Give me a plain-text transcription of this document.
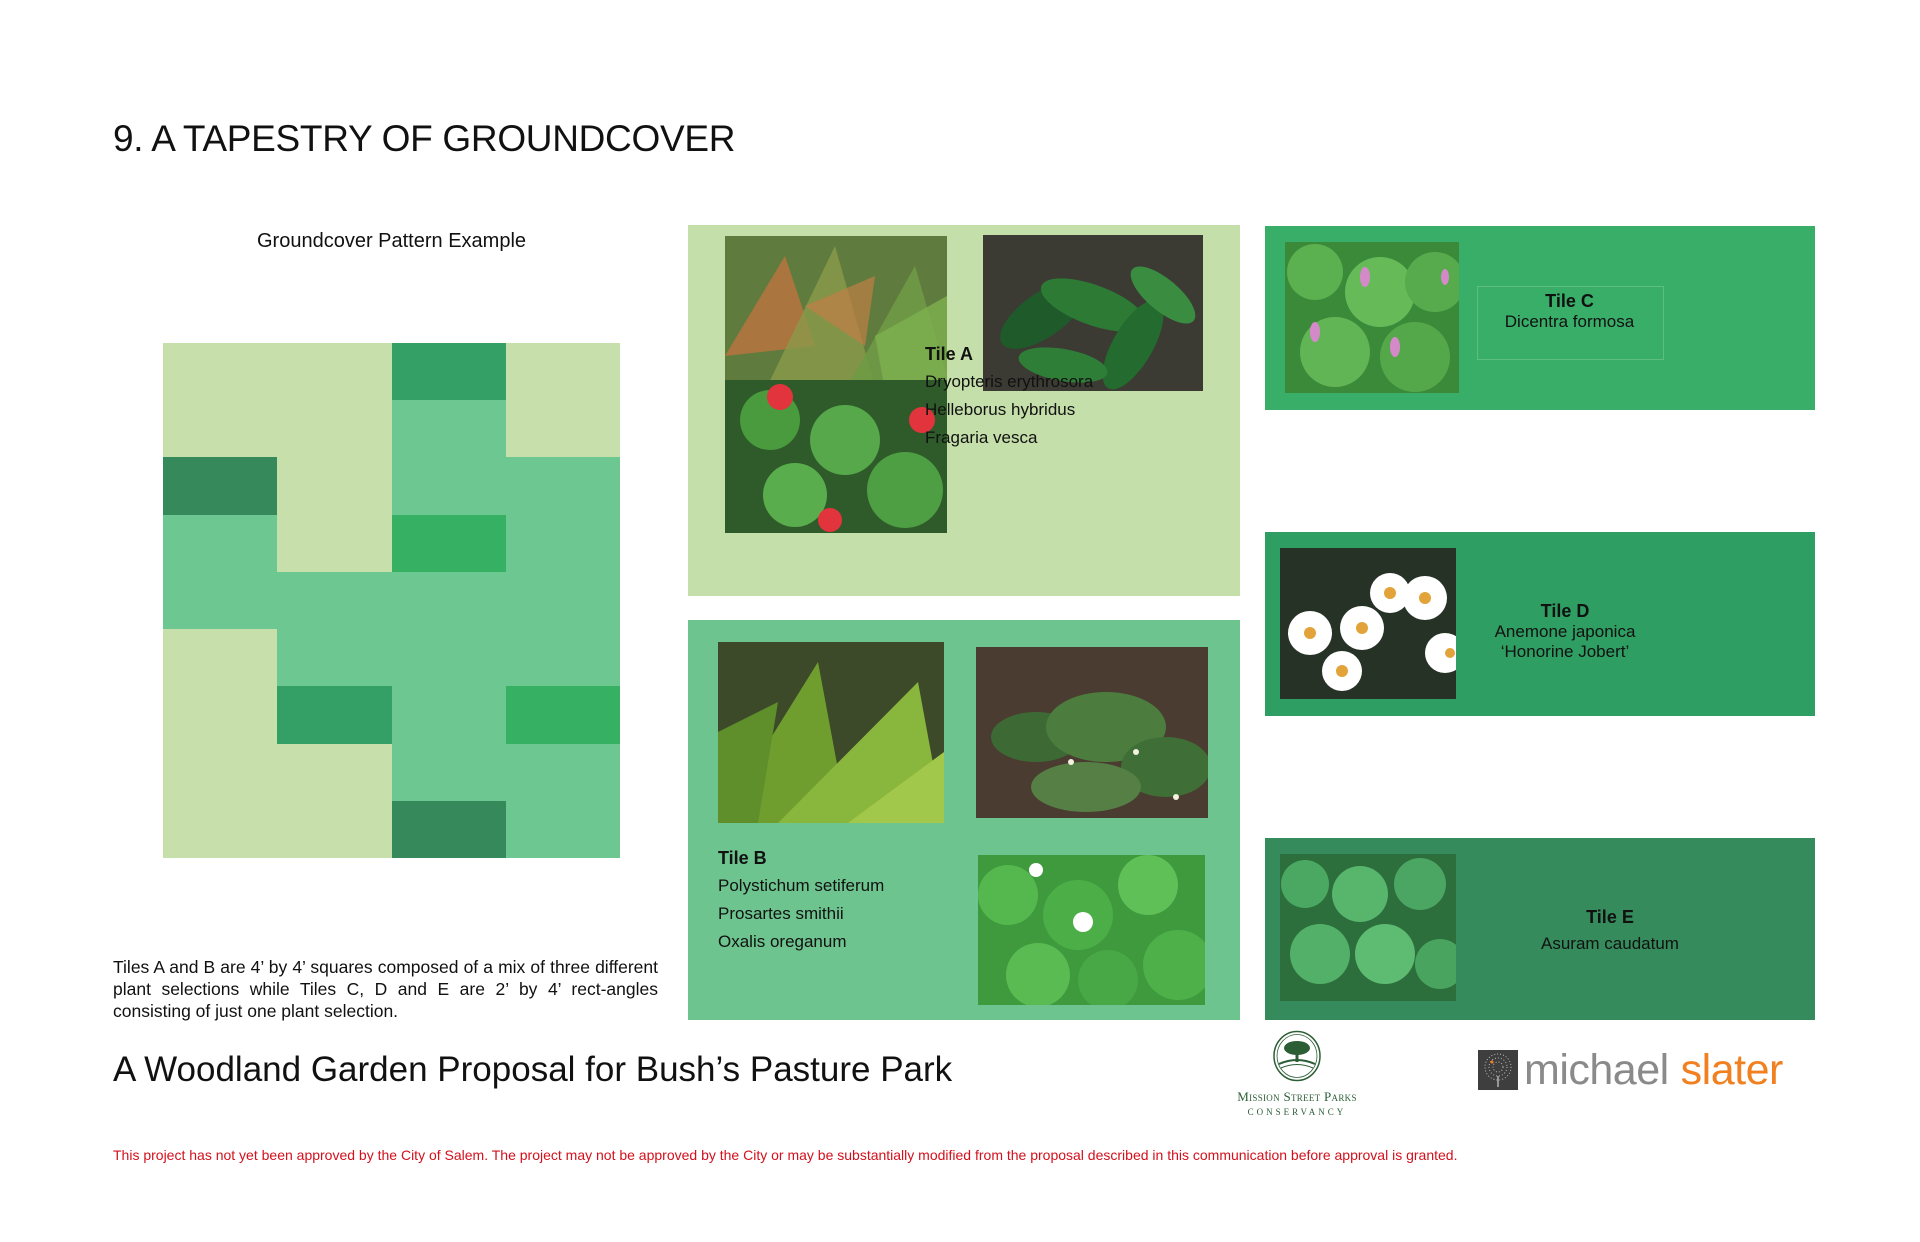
9. A TAPESTRY OF GROUNDCOVER
Groundcover Pattern Example
Tiles A and B are 4’ by 4’ squares composed of a mix of three different plant selections while Tiles C, D and E are 2’ by 4’ rect-angles consisting of just one plant selection.
Tile A
Dryopteris erythrosora
Helleborus hybridus
Fragaria vesca
Tile B
Polystichum setiferum
Prosartes smithii
Oxalis oreganum
Tile C
Dicentra formosa
Tile D
Anemone japonica
‘Honorine Jobert’
Tile E
Asuram caudatum
A Woodland Garden Proposal for Bush’s Pasture Park
Mission Street Parks
CONSERVANCY
michael slater
This project has not yet been approved by the City of Salem. The project may not be approved by the City or may be substantially modified from the proposal described in this communication before approval is granted.
